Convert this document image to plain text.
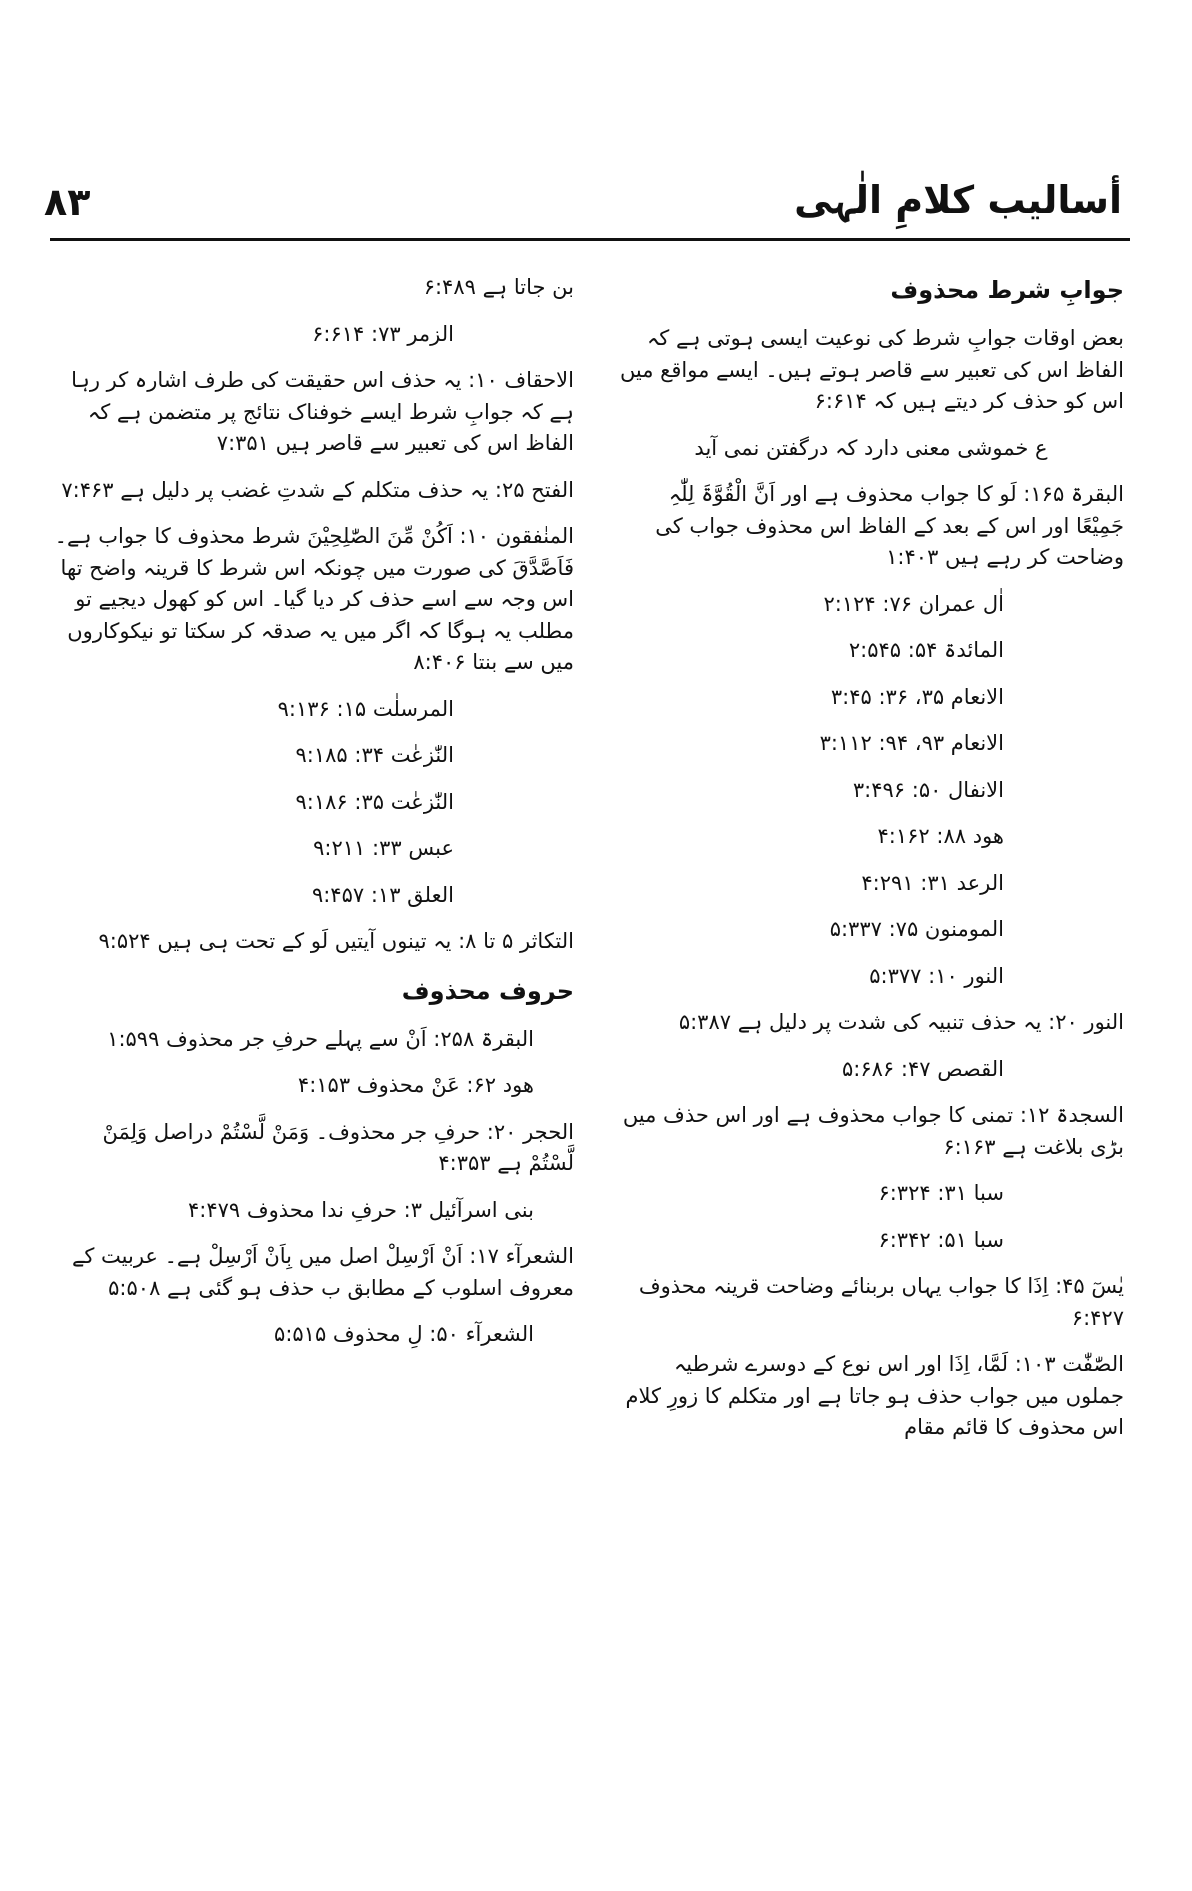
أسالیب کلامِ الٰہی
۸۳

جوابِ شرط محذوف

بعض اوقات جوابِ شرط کی نوعیت ایسی ہوتی ہے کہ الفاظ اس کی تعبیر سے قاصر ہوتے ہیں۔ ایسے مواقع میں اس کو حذف کر دیتے ہیں کہ ۶:۶۱۴

ع خموشی معنی دارد کہ درگفتن نمی آید

البقرۃ ۱۶۵: لَو کا جواب محذوف ہے اور اَنَّ الْقُوَّۃَ لِلّٰہِ جَمِیْعًا اور اس کے بعد کے الفاظ اس محذوف جواب کی وضاحت کر رہے ہیں ۱:۴۰۳

اٰل عمران ۷۶: ۲:۱۲۴

المائدۃ ۵۴: ۲:۵۴۵

الانعام ۳۵، ۳۶: ۳:۴۵

الانعام ۹۳، ۹۴: ۳:۱۱۲

الانفال ۵۰: ۳:۴۹۶

ھود ۸۸: ۴:۱۶۲

الرعد ۳۱: ۴:۲۹۱

المومنون ۷۵: ۵:۳۳۷

النور ۱۰: ۵:۳۷۷

النور ۲۰: یہ حذف تنبیہ کی شدت پر دلیل ہے ۵:۳۸۷

القصص ۴۷: ۵:۶۸۶

السجدۃ ۱۲: تمنی کا جواب محذوف ہے اور اس حذف میں بڑی بلاغت ہے ۶:۱۶۳

سبا ۳۱: ۶:۳۲۴

سبا ۵۱: ۶:۳۴۲

یٰسٓ ۴۵: اِذَا کا جواب یہاں بربنائے وضاحت قرینہ محذوف ۶:۴۲۷

الصّٰفّٰت ۱۰۳: لَمَّا، اِذَا اور اس نوع کے دوسرے شرطیہ جملوں میں جواب حذف ہو جاتا ہے اور متکلم کا زورِ کلام اس محذوف کا قائم مقام

بن جاتا ہے ۶:۴۸۹

الزمر ۷۳: ۶:۶۱۴

الاحقاف ۱۰: یہ حذف اس حقیقت کی طرف اشارہ کر رہا ہے کہ جوابِ شرط ایسے خوفناک نتائج پر متضمن ہے کہ الفاظ اس کی تعبیر سے قاصر ہیں ۷:۳۵۱

الفتح ۲۵: یہ حذف متکلم کے شدتِ غضب پر دلیل ہے ۷:۴۶۳

المنٰفقون ۱۰: اَکُنْ مِّنَ الصّٰلِحِیْنَ شرط محذوف کا جواب ہے۔ فَاَصَّدَّقَ کی صورت میں چونکہ اس شرط کا قرینہ واضح تھا اس وجہ سے اسے حذف کر دیا گیا۔ اس کو کھول دیجیے تو مطلب یہ ہوگا کہ اگر میں یہ صدقہ کر سکتا تو نیکوکاروں میں سے بنتا ۸:۴۰۶

المرسلٰت ۱۵: ۹:۱۳۶

النّٰزعٰت ۳۴: ۹:۱۸۵

النّٰزعٰت ۳۵: ۹:۱۸۶

عبس ۳۳: ۹:۲۱۱

العلق ۱۳: ۹:۴۵۷

التکاثر ۵ تا ۸: یہ تینوں آیتیں لَو کے تحت ہی ہیں ۹:۵۲۴

حروف محذوف

البقرۃ ۲۵۸: اَنْ سے پہلے حرفِ جر محذوف ۱:۵۹۹

ھود ۶۲: عَنْ محذوف ۴:۱۵۳

الحجر ۲۰: حرفِ جر محذوف۔ وَمَنْ لَّسْتُمْ دراصل وَلِمَنْ لَّسْتُمْ ہے ۴:۳۵۳

بنی اسرآئیل ۳: حرفِ ندا محذوف ۴:۴۷۹

الشعرآء ۱۷: اَنْ اَرْسِلْ اصل میں بِاَنْ اَرْسِلْ ہے۔ عربیت کے معروف اسلوب کے مطابق ب حذف ہو گئی ہے ۵:۵۰۸

الشعرآء ۵۰: لِ محذوف ۵:۵۱۵
